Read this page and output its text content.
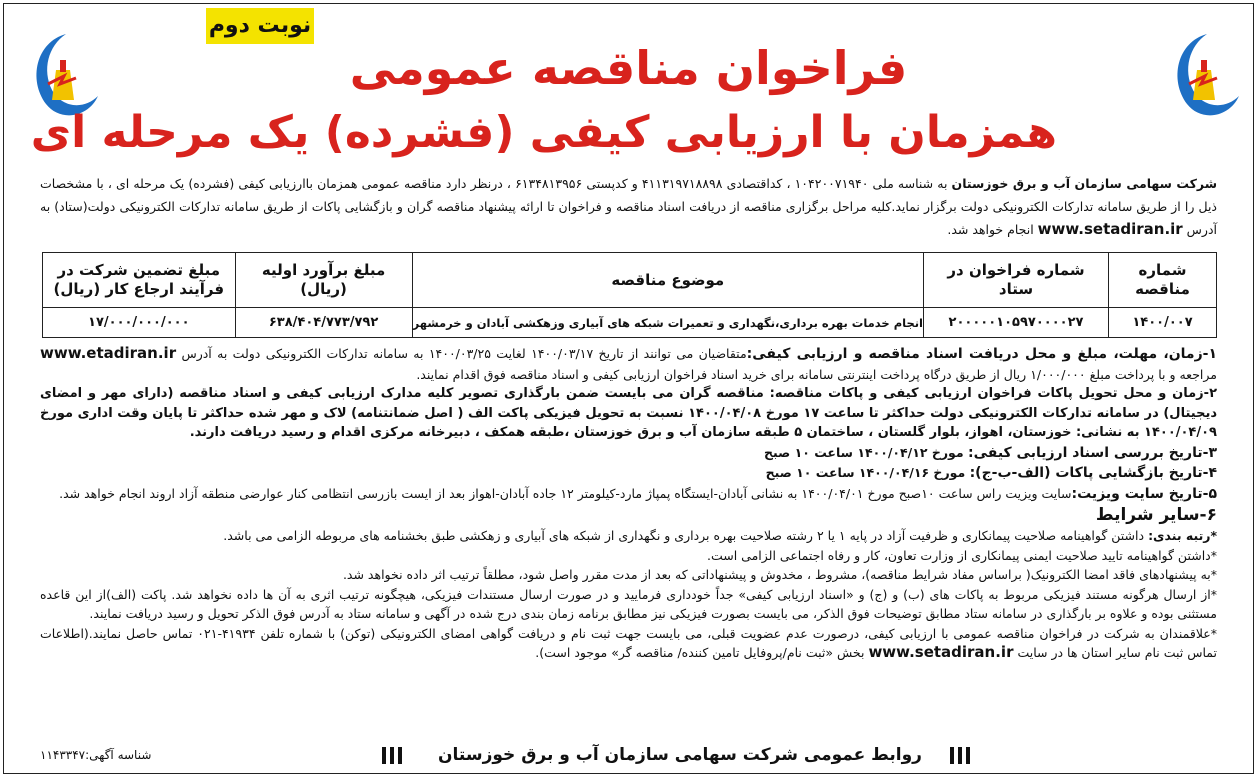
نوبت دوم
فراخوان مناقصه عمومی
همزمان با ارزیابی کیفی (فشرده) یک مرحله ای
شرکت سهامی سازمان آب و برق خوزستان به شناسه ملی ۱۰۴۲۰۰۷۱۹۴۰ ، کداقتصادی ۴۱۱۳۱۹۷۱۸۸۹۸ و کدپستی ۶۱۳۴۸۱۳۹۵۶ ، درنظر دارد مناقصه عمومی همزمان باارزیابی کیفی (فشرده) یک مرحله ای ، با مشخصات ذیل را از طریق سامانه تدارکات الکترونیکی دولت برگزار نماید.کلیه مراحل برگزاری مناقصه از دریافت اسناد مناقصه و فراخوان تا ارائه پیشنهاد مناقصه گران و بازگشایی پاکات از طریق سامانه تدارکات الکترونیکی دولت(ستاد) به آدرس www.setadiran.ir انجام خواهد شد.
شماره مناقصه	شماره فراخوان در ستاد	موضوع مناقصه	مبلغ برآورد اولیه (ریال)	مبلغ تضمین شرکت در فرآیند ارجاع کار (ریال)
۱۴۰۰/۰۰۷	۲۰۰۰۰۰۱۰۵۹۷۰۰۰۰۲۷	انجام خدمات بهره برداری،نگهداری و تعمیرات شبکه های آبیاری وزهکشی آبادان و خرمشهر	۶۳۸/۴۰۴/۷۷۳/۷۹۲	۱۷/۰۰۰/۰۰۰/۰۰۰

۱-زمان، مهلت، مبلغ و محل دریافت اسناد مناقصه و ارزیابی کیفی:متقاضیان می توانند از تاریخ ۱۴۰۰/۰۳/۱۷ لغایت ۱۴۰۰/۰۳/۲۵ به سامانه تدارکات الکترونیکی دولت به آدرس www.etadiran.ir مراجعه و با پرداخت مبلغ ۱/۰۰۰/۰۰۰ ریال از طریق درگاه پرداخت اینترنتی سامانه برای خرید اسناد فراخوان ارزیابی کیفی و اسناد مناقصه فوق اقدام نمایند.

۲-زمان و محل تحویل پاکات فراخوان ارزیابی کیفی و پاکات مناقصه: مناقصه گران می بایست ضمن بارگذاری تصویر کلیه مدارک ارزیابی کیفی و اسناد مناقصه (دارای مهر و امضای دیجیتال) در سامانه تدارکات الکترونیکی دولت حداکثر تا ساعت ۱۷ مورخ ۱۴۰۰/۰۴/۰۸ نسبت به تحویل فیزیکی پاکت الف ( اصل ضمانتنامه) لاک و مهر شده حداکثر تا پایان وقت اداری مورخ ۱۴۰۰/۰۴/۰۹ به نشانی: خوزستان، اهواز، بلوار گلستان ، ساختمان ۵ طبقه سازمان آب و برق خوزستان ،طبقه همکف ، دبیرخانه مرکزی اقدام و رسید دریافت دارند.

۳-تاریخ بررسی اسناد ارزیابی کیفی: مورخ ۱۴۰۰/۰۴/۱۲ ساعت ۱۰ صبح

۴-تاریخ بازگشایی پاکات (الف-ب-ج): مورخ ۱۴۰۰/۰۴/۱۶ ساعت ۱۰ صبح

۵-تاریخ سایت ویزیت:سایت ویزیت راس ساعت ۱۰صبح مورخ ۱۴۰۰/۰۴/۰۱ به نشانی آبادان-ایستگاه پمپاژ مارد-کیلومتر ۱۲ جاده آبادان-اهواز بعد از ایست بازرسی انتظامی کنار عوارضی منطقه آزاد اروند انجام خواهد شد.

۶-سایر شرایط

*رتبه بندی: داشتن گواهینامه صلاحیت پیمانکاری و ظرفیت آزاد در پایه ۱ یا ۲ رشته صلاحیت بهره برداری و نگهداری از شبکه های آبیاری و زهکشی طبق بخشنامه های مربوطه الزامی می باشد.

*داشتن گواهینامه تایید صلاحیت ایمنی پیمانکاری از وزارت تعاون، کار و رفاه اجتماعی الزامی است.

*به پیشنهادهای فاقد امضا الکترونیک( براساس مفاد شرایط مناقصه)، مشروط ، مخدوش و پیشنهاداتی که بعد از مدت مقرر واصل شود، مطلقاً ترتیب اثر داده نخواهد شد.

*از ارسال هرگونه مستند فیزیکی مربوط به پاکات های (ب) و (ج) و «اسناد ارزیابی کیفی» جداً خودداری فرمایید و در صورت ارسال مستندات فیزیکی، هیچگونه ترتیب اثری به آن ها داده نخواهد شد. پاکت (الف)از این قاعده مستثنی بوده و علاوه بر بارگذاری در سامانه ستاد مطابق توضیحات فوق الذکر، می بایست بصورت فیزیکی نیز مطابق برنامه زمان بندی درج شده در آگهی و سامانه ستاد به آدرس فوق الذکر تحویل و رسید دریافت نمایند.

*علاقمندان به شرکت در فراخوان مناقصه عمومی با ارزیابی کیفی، درصورت عدم عضویت قبلی، می بایست جهت ثبت نام و دریافت گواهی امضای الکترونیکی (توکن) با شماره تلفن ۴۱۹۳۴-۰۲۱ تماس حاصل نمایند.(اطلاعات تماس ثبت نام سایر استان ها در سایت www.setadiran.ir بخش «ثبت نام/پروفایل تامین کننده/ مناقصه گر» موجود است).

روابط عمومی شرکت سهامی سازمان آب و برق خوزستان
شناسه آگهی:۱۱۴۳۳۴۷
